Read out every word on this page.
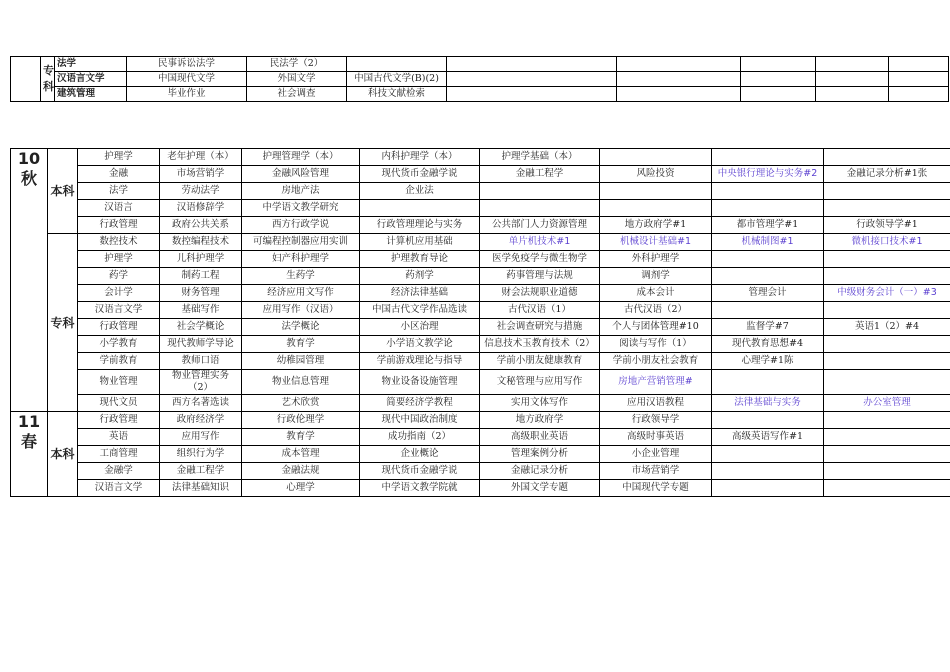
	专科	法学	民事诉讼法学	民法学（2）						
		汉语言文学	中国现代文学	外国文学	中国古代文学(B)(2)					
		建筑管理	毕业作业	社会调查	科技文献检索					
10秋	本科	护理学	老年护理（本）	护理管理学（本）	内科护理学（本）	护理学基础（本）			
		金融	市场营销学	金融风险管理	现代货币金融学说	金融工程学	风险投资	中央银行理论与实务#2	金融记录分析#1张
		法学	劳动法学	房地产法	企业法				
		汉语言	汉语修辞学	中学语文教学研究					
		行政管理	政府公共关系	西方行政学说	行政管理理论与实务	公共部门人力资源管理	地方政府学#1	都市管理学#1	行政领导学#1
	专科	数控技术	数控编程技术	可编程控制器应用实训	计算机应用基础	单片机技术#1	机械设计基础#1	机械制图#1	微机接口技术#1
		护理学	儿科护理学	妇产科护理学	护理教育导论	医学免疫学与微生物学	外科护理学		
		药学	制药工程	生药学	药剂学	药事管理与法规	调剂学		
		会计学	财务管理	经济应用文写作	经济法律基础	财会法规职业道德	成本会计	管理会计	中级财务会计（一）#3
		汉语言文学	基础写作	应用写作（汉语）	中国古代文学作品选读	古代汉语（1）	古代汉语（2）		
		行政管理	社会学概论	法学概论	小区治理	社会调查研究与措施	个人与团体管理#10	监督学#7	英语1（2）#4
		小学教育	现代教师学导论	教育学	小学语文教学论	信息技术玉教育技术（2）	阅读与写作（1）	现代教育思想#4	
		学前教育	教师口语	幼稚园管理	学前游戏理论与指导	学前小朋友健康教育	学前小朋友社会教育	心理学#1陈	
		物业管理	物业管理实务（2）	物业信息管理	物业设备设施管理	文秘管理与应用写作	房地产营销管理#		
		现代文员	西方名著选读	艺术欣赏	简要经济学教程	实用文体写作	应用汉语教程	法律基础与实务	办公室管理
11春	本科	行政管理	政府经济学	行政伦理学	现代中国政治制度	地方政府学	行政领导学		
		英语	应用写作	教育学	成功指南（2）	高级职业英语	高级时事英语	高级英语写作#1	
		工商管理	组织行为学	成本管理	企业概论	管理案例分析	小企业管理		
		金融学	金融工程学	金融法规	现代货币金融学说	金融记录分析	市场营销学		
		汉语言文学	法律基础知识	心理学	中学语文教学院就	外国文学专题	中国现代学专题		
